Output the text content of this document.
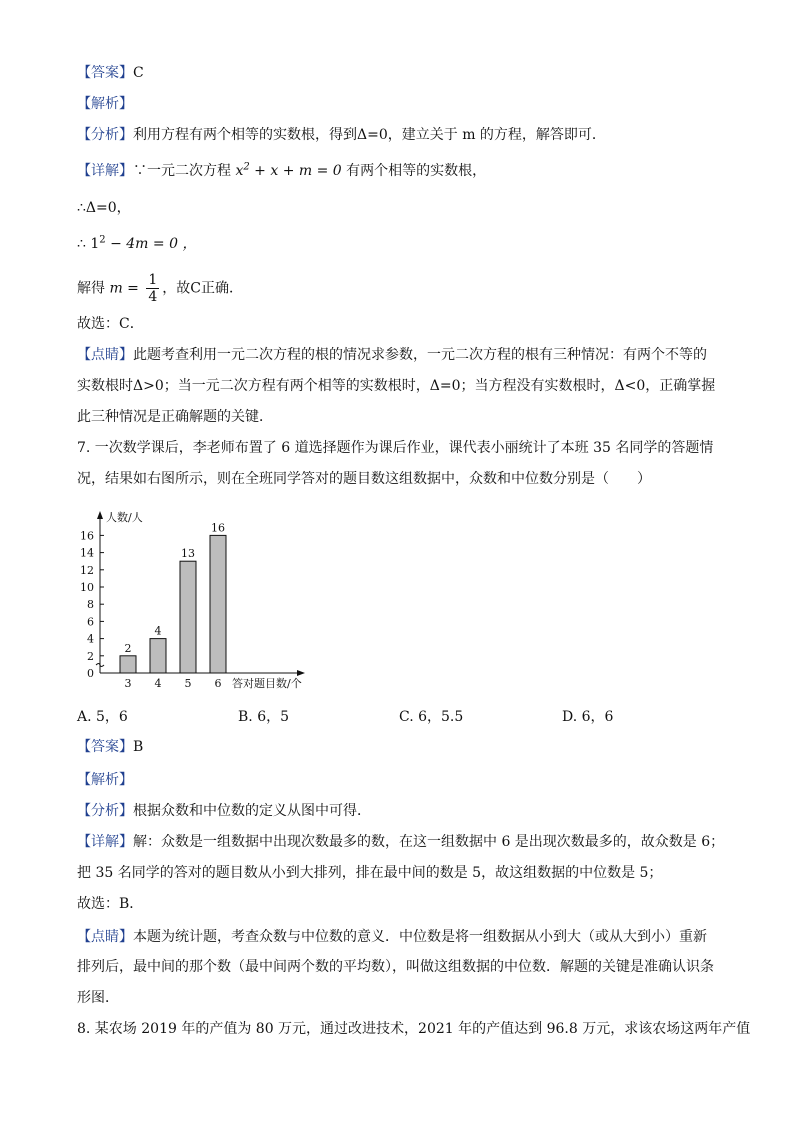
【答案】C
【解析】
【分析】利用方程有两个相等的实数根，得到Δ=0，建立关于 m 的方程，解答即可．
【详解】∵一元二次方程 $x^2 + x + m = 0$ 有两个相等的实数根，
∴Δ=0，
∴ $1^2 - 4m = 0$ ，
解得 $m = \frac{1}{4}$ ，故C正确．
故选：C．
【点睛】此题考查利用一元二次方程的根的情况求参数，一元二次方程的根有三种情况：有两个不等的
实数根时Δ>0；当一元二次方程有两个相等的实数根时，Δ=0；当方程没有实数根时，Δ<0，正确掌握
此三种情况是正确解题的关键．
7. 一次数学课后，李老师布置了 6 道选择题作为课后作业，课代表小丽统计了本班 35 名同学的答题情
况，结果如右图所示，则在全班同学答对的题目数这组数据中，众数和中位数分别是（　　）
0
2
4
6
8
10
12
14
16
2
4
13
16
3 4 5 6
人数/人
答对题目数/个
A. 5，6	B. 6，5	C. 6，5.5	D. 6，6
【答案】B
【解析】
【分析】根据众数和中位数的定义从图中可得．
【详解】解：众数是一组数据中出现次数最多的数，在这一组数据中 6 是出现次数最多的，故众数是 6；
把 35 名同学的答对的题目数从小到大排列，排在最中间的数是 5，故这组数据的中位数是 5；
故选：B．
【点睛】本题为统计题，考查众数与中位数的意义．中位数是将一组数据从小到大（或从大到小）重新
排列后，最中间的那个数（最中间两个数的平均数），叫做这组数据的中位数．解题的关键是准确认识条
形图．
8. 某农场 2019 年的产值为 80 万元，通过改进技术，2021 年的产值达到 96.8 万元，求该农场这两年产值
